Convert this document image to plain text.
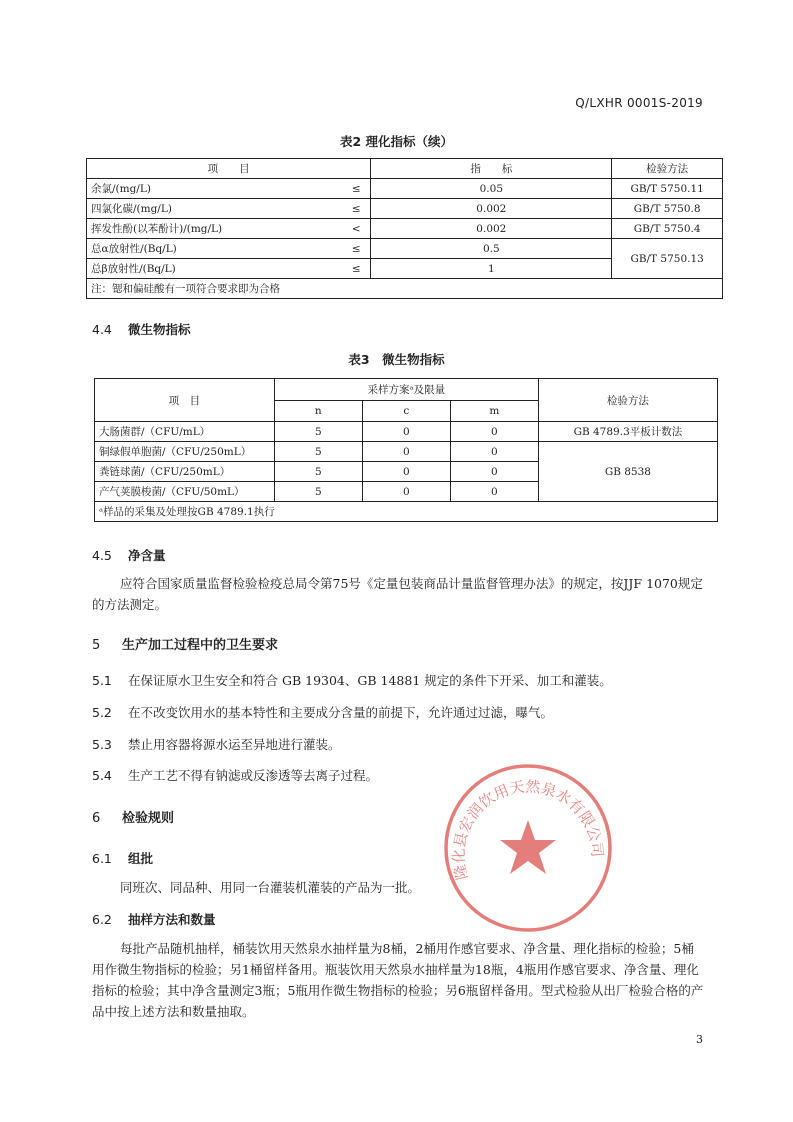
Q/LXHR 0001S-2019
表2 理化指标（续）
项　　目		指　　标	检验方法
余氯/(mg/L)	≤	0.05	GB/T 5750.11
四氯化碳/(mg/L)	≤	0.002	GB/T 5750.8
挥发性酚(以苯酚计)/(mg/L)	<	0.002	GB/T 5750.4
总α放射性/(Bq/L)	≤	0.5	GB/T 5750.13
总β放射性/(Bq/L)	≤	1	
注：锶和偏硅酸有一项符合要求即为合格			
4.4 微生物指标
表3　微生物指标
项　目	采样方案ᵃ及限量			检验方法
	n	c	m	
大肠菌群/（CFU/mL）	5	0	0	GB 4789.3平板计数法
铜绿假单胞菌/（CFU/250mL）	5	0	0	GB 8538
粪链球菌/（CFU/250mL）	5	0	0	
产气荚膜梭菌/（CFU/50mL）	5	0	0	
ᵃ样品的采集及处理按GB 4789.1执行				
4.5 净含量
应符合国家质量监督检验检疫总局令第75号《定量包装商品计量监督管理办法》的规定，按JJF 1070规定的方法测定。
5 生产加工过程中的卫生要求
5.1 在保证原水卫生安全和符合 GB 19304、GB 14881 规定的条件下开采、加工和灌装。
5.2 在不改变饮用水的基本特性和主要成分含量的前提下，允许通过过滤，曝气。
5.3 禁止用容器将源水运至异地进行灌装。
5.4 生产工艺不得有钠滤或反渗透等去离子过程。
6 检验规则
6.1 组批
同班次、同品种、用同一台灌装机灌装的产品为一批。
6.2 抽样方法和数量
每批产品随机抽样，桶装饮用天然泉水抽样量为8桶，2桶用作感官要求、净含量、理化指标的检验；5桶用作微生物指标的检验；另1桶留样备用。瓶装饮用天然泉水抽样量为18瓶，4瓶用作感官要求、净含量、理化指标的检验；其中净含量测定3瓶；5瓶用作微生物指标的检验；另6瓶留样备用。型式检验从出厂检验合格的产品中按上述方法和数量抽取。
隆化县宏润饮用天然泉水有限公司
3
